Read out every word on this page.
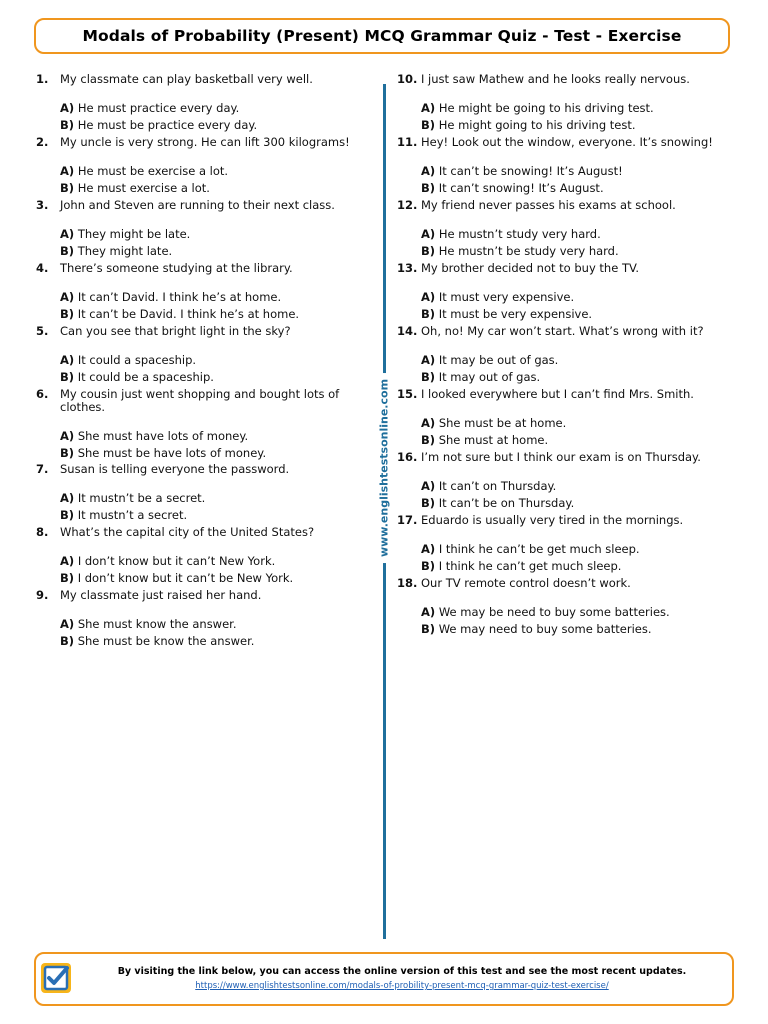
Modals of Probability (Present) MCQ Grammar Quiz - Test - Exercise
1.	My classmate can play basketball very well.
A) He must practice every day.
B) He must be practice every day.
2.	My uncle is very strong. He can lift 300 kilograms!
A) He must be exercise a lot.
B) He must exercise a lot.
3.	John and Steven are running to their next class.
A) They might be late.
B) They might late.
4.	There’s someone studying at the library.
A) It can’t David. I think he’s at home.
B) It can’t be David. I think he’s at home.
5.	Can you see that bright light in the sky?
A) It could a spaceship.
B) It could be a spaceship.
6.	My cousin just went shopping and bought lots of clothes.
A) She must have lots of money.
B) She must be have lots of money.
7.	Susan is telling everyone the password.
A) It mustn’t be a secret.
B) It mustn’t a secret.
8.	What’s the capital city of the United States?
A) I don’t know but it can’t New York.
B) I don’t know but it can’t be New York.
9.	My classmate just raised her hand.
A) She must know the answer.
B) She must be know the answer.
10. I just saw Mathew and he looks really nervous.
A) He might be going to his driving test.
B) He might going to his driving test.
11. Hey! Look out the window, everyone. It’s snowing!
A) It can’t be snowing! It’s August!
B) It can’t snowing! It’s August.
12. My friend never passes his exams at school.
A) He mustn’t study very hard.
B) He mustn’t be study very hard.
13. My brother decided not to buy the TV.
A) It must very expensive.
B) It must be very expensive.
14. Oh, no! My car won’t start. What’s wrong with it?
A) It may be out of gas.
B) It may out of gas.
15. I looked everywhere but I can’t find Mrs. Smith.
A) She must be at home.
B) She must at home.
16. I’m not sure but I think our exam is on Thursday.
A) It can’t on Thursday.
B) It can’t be on Thursday.
17. Eduardo is usually very tired in the mornings.
A) I think he can’t be get much sleep.
B) I think he can’t get much sleep.
18. Our TV remote control doesn’t work.
A) We may be need to buy some batteries.
B) We may need to buy some batteries.
www.englishtestsonline.com
By visiting the link below, you can access the online version of this test and see the most recent updates.
https://www.englishtestsonline.com/modals-of-probility-present-mcq-grammar-quiz-test-exercise/
